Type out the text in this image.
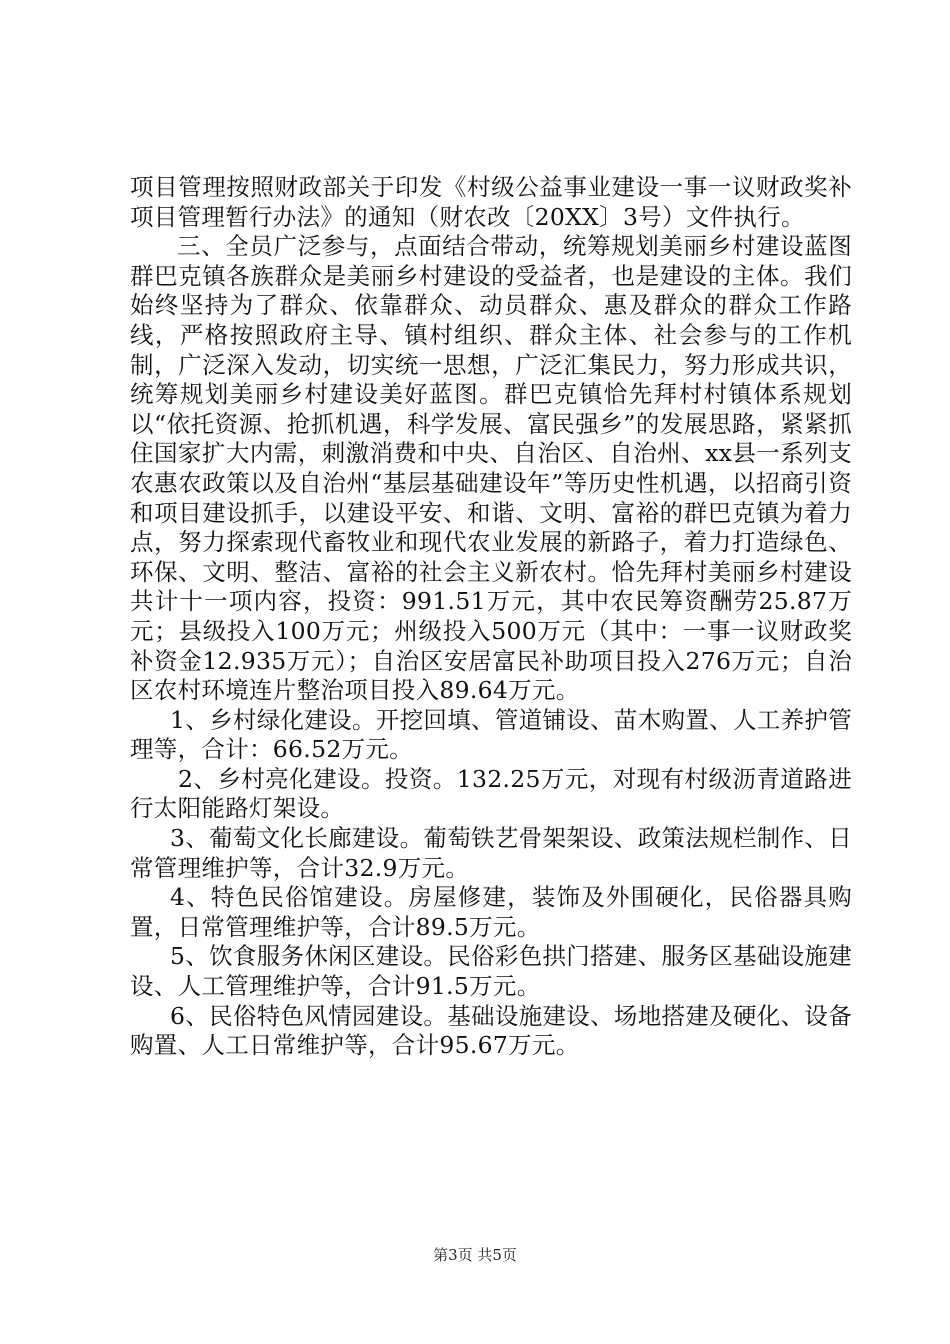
项目管理按照财政部关于印发《村级公益事业建设一事一议财政奖补项目管理暂行办法》的通知（财农改〔20XX〕3号）文件执行。

三、全员广泛参与，点面结合带动，统筹规划美丽乡村建设蓝图群巴克镇各族群众是美丽乡村建设的受益者，也是建设的主体。我们始终坚持为了群众、依靠群众、动员群众、惠及群众的群众工作路线，严格按照政府主导、镇村组织、群众主体、社会参与的工作机制，广泛深入发动，切实统一思想，广泛汇集民力，努力形成共识，统筹规划美丽乡村建设美好蓝图。群巴克镇恰先拜村村镇体系规划以“依托资源、抢抓机遇，科学发展、富民强乡”的发展思路，紧紧抓住国家扩大内需，刺激消费和中央、自治区、自治州、xx县一系列支农惠农政策以及自治州“基层基础建设年”等历史性机遇，以招商引资和项目建设抓手，以建设平安、和谐、文明、富裕的群巴克镇为着力点，努力探索现代畜牧业和现代农业发展的新路子，着力打造绿色、环保、文明、整洁、富裕的社会主义新农村。恰先拜村美丽乡村建设共计十一项内容，投资：991.51万元，其中农民筹资酬劳25.87万元；县级投入100万元；州级投入500万元（其中：一事一议财政奖补资金12.935万元）；自治区安居富民补助项目投入276万元；自治区农村环境连片整治项目投入89.64万元。

1、乡村绿化建设。开挖回填、管道铺设、苗木购置、人工养护管理等，合计：66.52万元。

2、乡村亮化建设。投资。132.25万元，对现有村级沥青道路进行太阳能路灯架设。

3、葡萄文化长廊建设。葡萄铁艺骨架架设、政策法规栏制作、日常管理维护等，合计32.9万元。

4、特色民俗馆建设。房屋修建，装饰及外围硬化，民俗器具购置，日常管理维护等，合计89.5万元。

5、饮食服务休闲区建设。民俗彩色拱门搭建、服务区基础设施建设、人工管理维护等，合计91.5万元。

6、民俗特色风情园建设。基础设施建设、场地搭建及硬化、设备购置、人工日常维护等，合计95.67万元。

第3页 共5页
